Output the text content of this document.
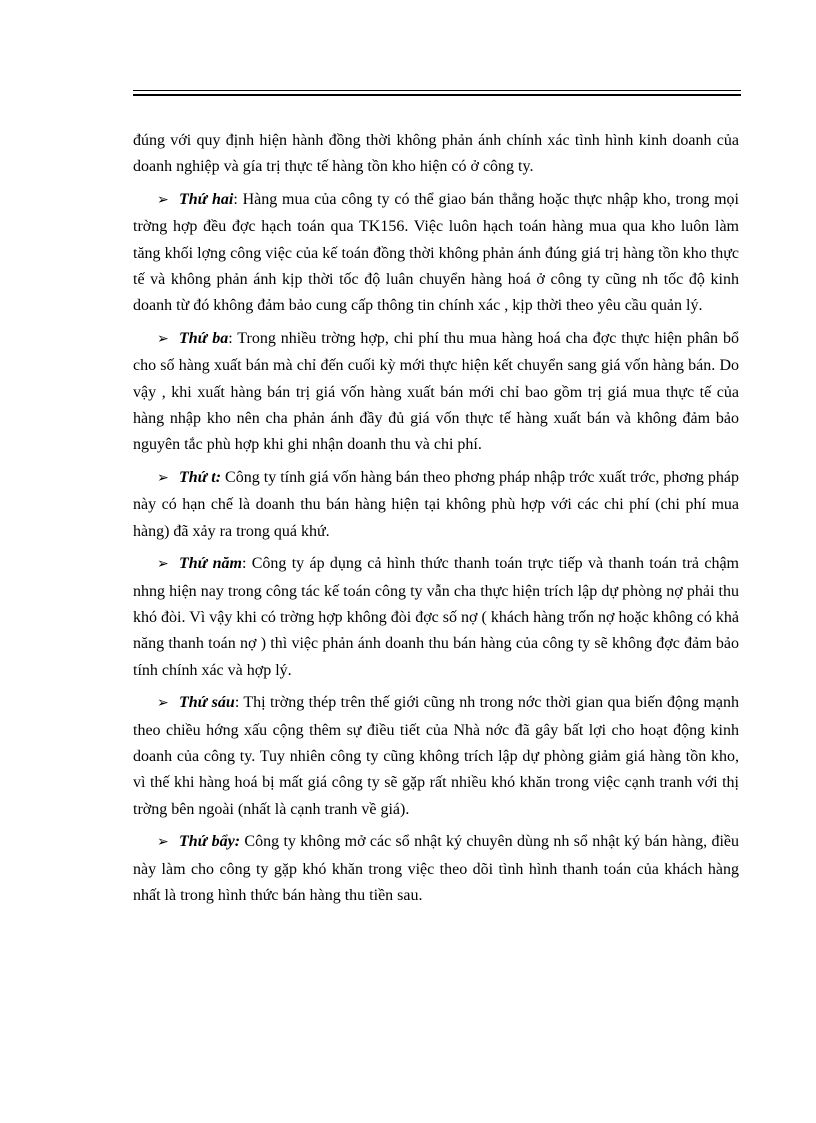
đúng với quy định hiện hành đồng thời không phản ánh chính xác tình hình kinh doanh của doanh nghiệp và gía trị thực tế hàng tồn kho hiện có ở công ty.

➢ Thứ hai: Hàng mua của công ty có thể giao bán thẳng hoặc thực nhập kho, trong mọi trờng hợp đều đợc hạch toán qua TK156. Việc luôn hạch toán hàng mua qua kho luôn làm tăng khối lợng công việc của kế toán đồng thời không phản ánh đúng giá trị hàng tồn kho thực tế và không phản ánh kịp thời tốc độ luân chuyển hàng hoá ở công ty cũng nh tốc độ kinh doanh từ đó không đảm bảo cung cấp thông tin chính xác , kịp thời theo yêu cầu quản lý.

➢ Thứ ba: Trong nhiều trờng hợp, chi phí thu mua hàng hoá cha đợc thực hiện phân bổ cho số hàng xuất bán mà chỉ đến cuối kỳ mới thực hiện kết chuyển sang giá vốn hàng bán. Do vậy , khi xuất hàng bán trị giá vốn hàng xuất bán mới chỉ bao gồm trị giá mua thực tế của hàng nhập kho nên cha phản ánh đầy đủ giá vốn thực tế hàng xuất bán và không đảm bảo nguyên tắc phù hợp khi ghi nhận doanh thu và chi phí.

➢ Thứ t: Công ty tính giá vốn hàng bán theo phơng pháp nhập trớc xuất trớc, phơng pháp này có hạn chế là doanh thu bán hàng hiện tại không phù hợp với các chi phí (chi phí mua hàng) đã xảy ra trong quá khứ.

➢ Thứ năm: Công ty áp dụng cả hình thức thanh toán trực tiếp và thanh toán trả chậm nhng hiện nay trong công tác kế toán công ty vẫn cha thực hiện trích lập dự phòng nợ phải thu khó đòi. Vì vậy khi có trờng hợp không đòi đợc số nợ ( khách hàng trốn nợ hoặc không có khả năng thanh toán nợ ) thì việc phản ánh doanh thu bán hàng của công ty sẽ không đợc đảm bảo tính chính xác và hợp lý.

➢ Thứ sáu: Thị trờng thép trên thế giới cũng nh trong nớc thời gian qua biến động mạnh theo chiều hớng xấu cộng thêm sự điều tiết của Nhà nớc đã gây bất lợi cho hoạt động kinh doanh của công ty. Tuy nhiên công ty cũng không trích lập dự phòng giảm giá hàng tồn kho, vì thế khi hàng hoá bị mất giá công ty sẽ gặp rất nhiều khó khăn trong việc cạnh tranh với thị trờng bên ngoài (nhất là cạnh tranh về giá).

➢ Thứ bẩy: Công ty không mở các sổ nhật ký chuyên dùng nh sổ nhật ký bán hàng, điều này làm cho công ty gặp khó khăn trong việc theo dõi tình hình thanh toán của khách hàng nhất là trong hình thức bán hàng thu tiền sau.
